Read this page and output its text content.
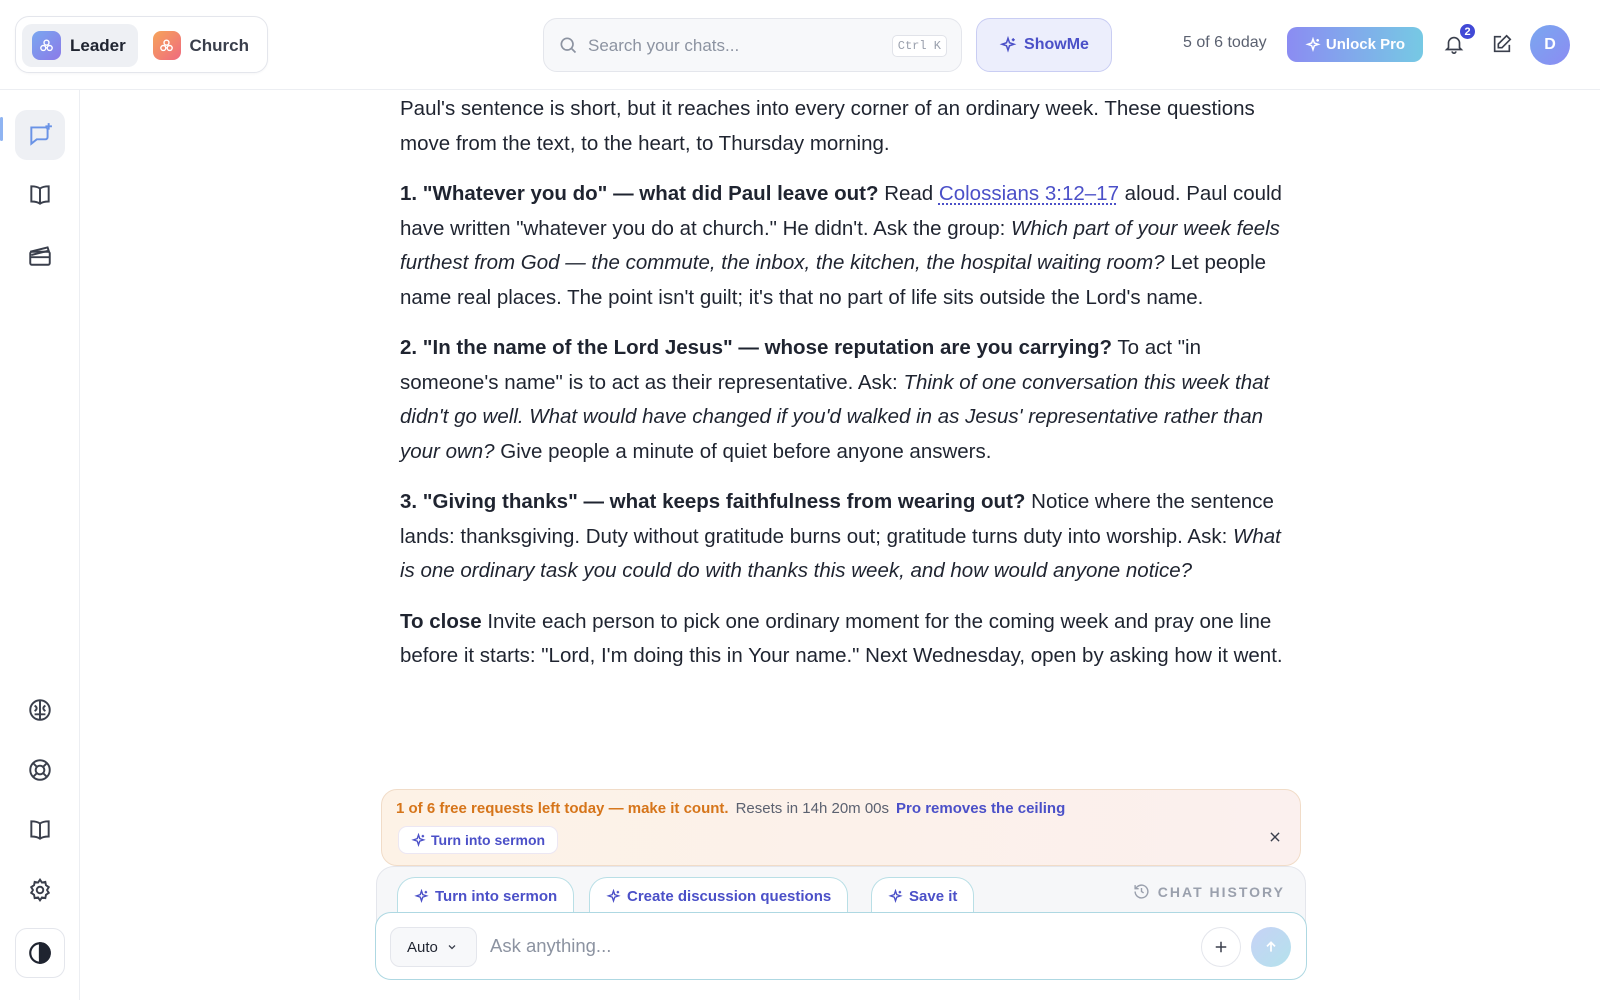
Leader	Church
Search your chats...	Ctrl K	ShowMe	5 of 6 today	Unlock Pro
2
D

Paul's sentence is short, but it reaches into every corner of an ordinary week. These questions move from the text, to the heart, to Thursday morning.

1. "Whatever you do" — what did Paul leave out? Read Colossians 3:12–17 aloud. Paul could have written "whatever you do at church." He didn't. Ask the group: Which part of your week feels furthest from God — the commute, the inbox, the kitchen, the hospital waiting room? Let people name real places. The point isn't guilt; it's that no part of life sits outside the Lord's name.

2. "In the name of the Lord Jesus" — whose reputation are you carrying? To act "in someone's name" is to act as their representative. Ask: Think of one conversation this week that didn't go well. What would have changed if you'd walked in as Jesus' representative rather than your own? Give people a minute of quiet before anyone answers.

3. "Giving thanks" — what keeps faithfulness from wearing out? Notice where the sentence lands: thanksgiving. Duty without gratitude burns out; gratitude turns duty into worship. Ask: What is one ordinary task you could do with thanks this week, and how would anyone notice?

To close Invite each person to pick one ordinary moment for the coming week and pray one line before it starts: "Lord, I'm doing this in Your name." Next Wednesday, open by asking how it went.

1 of 6 free requests left today — make it count. Resets in 14h 20m 00s Pro removes the ceiling
Turn into sermon
Turn into sermon	Create discussion questions	Save it	CHAT HISTORY
Auto
Ask anything...
